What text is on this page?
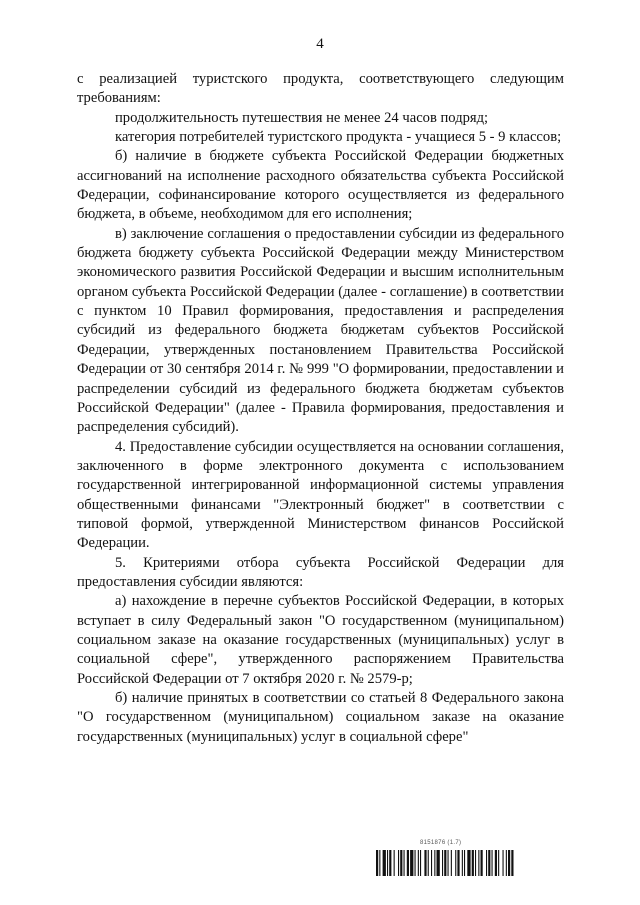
4

с реализацией туристского продукта, соответствующего следующим требованиям:

продолжительность путешествия не менее 24 часов подряд;

категория потребителей туристского продукта - учащиеся 5 - 9 классов;

б) наличие в бюджете субъекта Российской Федерации бюджетных ассигнований на исполнение расходного обязательства субъекта Российской Федерации, софинансирование которого осуществляется из федерального бюджета, в объеме, необходимом для его исполнения;

в) заключение соглашения о предоставлении субсидии из федерального бюджета бюджету субъекта Российской Федерации между Министерством экономического развития Российской Федерации и высшим исполнительным органом субъекта Российской Федерации (далее - соглашение) в соответствии с пунктом 10 Правил формирования, предоставления и распределения субсидий из федерального бюджета бюджетам субъектов Российской Федерации, утвержденных постановлением Правительства Российской Федерации от 30 сентября 2014 г. № 999 "О формировании, предоставлении и распределении субсидий из федерального бюджета бюджетам субъектов Российской Федерации" (далее - Правила формирования, предоставления и распределения субсидий).

4. Предоставление субсидии осуществляется на основании соглашения, заключенного в форме электронного документа с использованием государственной интегрированной информационной системы управления общественными финансами "Электронный бюджет" в соответствии с типовой формой, утвержденной Министерством финансов Российской Федерации.

5. Критериями отбора субъекта Российской Федерации для предоставления субсидии являются:

а) нахождение в перечне субъектов Российской Федерации, в которых вступает в силу Федеральный закон "О государственном (муниципальном) социальном заказе на оказание государственных (муниципальных) услуг в социальной сфере", утвержденного распоряжением Правительства Российской Федерации от 7 октября 2020 г. № 2579-р;

б) наличие принятых в соответствии со статьей 8 Федерального закона "О государственном (муниципальном) социальном заказе на оказание государственных (муниципальных) услуг в социальной сфере"

8151876 (1.7)
